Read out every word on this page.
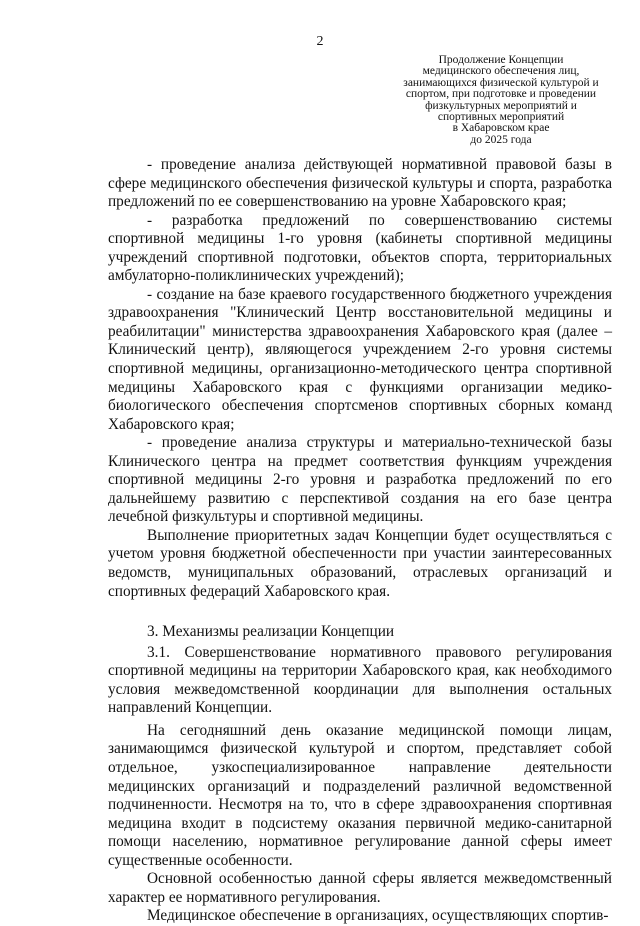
2
Продолжение Концепции
медицинского обеспечения лиц,
занимающихся физической культурой и
спортом, при подготовке и проведении
физкультурных мероприятий и
спортивных мероприятий
в Хабаровском крае
до 2025 года

- проведение анализа действующей нормативной правовой базы в сфере медицинского обеспечения физической культуры и спорта, разработка предложений по ее совершенствованию на уровне Хабаровского края;

- разработка предложений по совершенствованию системы спортивной медицины 1-го уровня (кабинеты спортивной медицины учреждений спортивной подготовки, объектов спорта, территориальных амбулаторно-поликлинических учреждений);

- создание на базе краевого государственного бюджетного учреждения здравоохранения "Клинический Центр восстановительной медицины и реабилитации" министерства здравоохранения Хабаровского края (далее – Клинический центр), являющегося учреждением 2-го уровня системы спортивной медицины, организационно-методического центра спортивной медицины Хабаровского края с функциями организации медико-биологического обеспечения спортсменов спортивных сборных команд Хабаровского края;

- проведение анализа структуры и материально-технической базы Клинического центра на предмет соответствия функциям учреждения спортивной медицины 2-го уровня и разработка предложений по его дальнейшему развитию с перспективой создания на его базе центра лечебной физкультуры и спортивной медицины.

Выполнение приоритетных задач Концепции будет осуществляться с учетом уровня бюджетной обеспеченности при участии заинтересованных ведомств, муниципальных образований, отраслевых организаций и спортивных федераций Хабаровского края.

3. Механизмы реализации Концепции

3.1. Совершенствование нормативного правового регулирования спортивной медицины на территории Хабаровского края, как необходимого условия межведомственной координации для выполнения остальных направлений Концепции.

На сегодняшний день оказание медицинской помощи лицам, занимающимся физической культурой и спортом, представляет собой отдельное, узкоспециализированное направление деятельности медицинских организаций и подразделений различной ведомственной подчиненности. Несмотря на то, что в сфере здравоохранения спортивная медицина входит в подсистему оказания первичной медико-санитарной помощи населению, нормативное регулирование данной сферы имеет существенные особенности.

Основной особенностью данной сферы является межведомственный характер ее нормативного регулирования.

Медицинское обеспечение в организациях, осуществляющих спортив-
